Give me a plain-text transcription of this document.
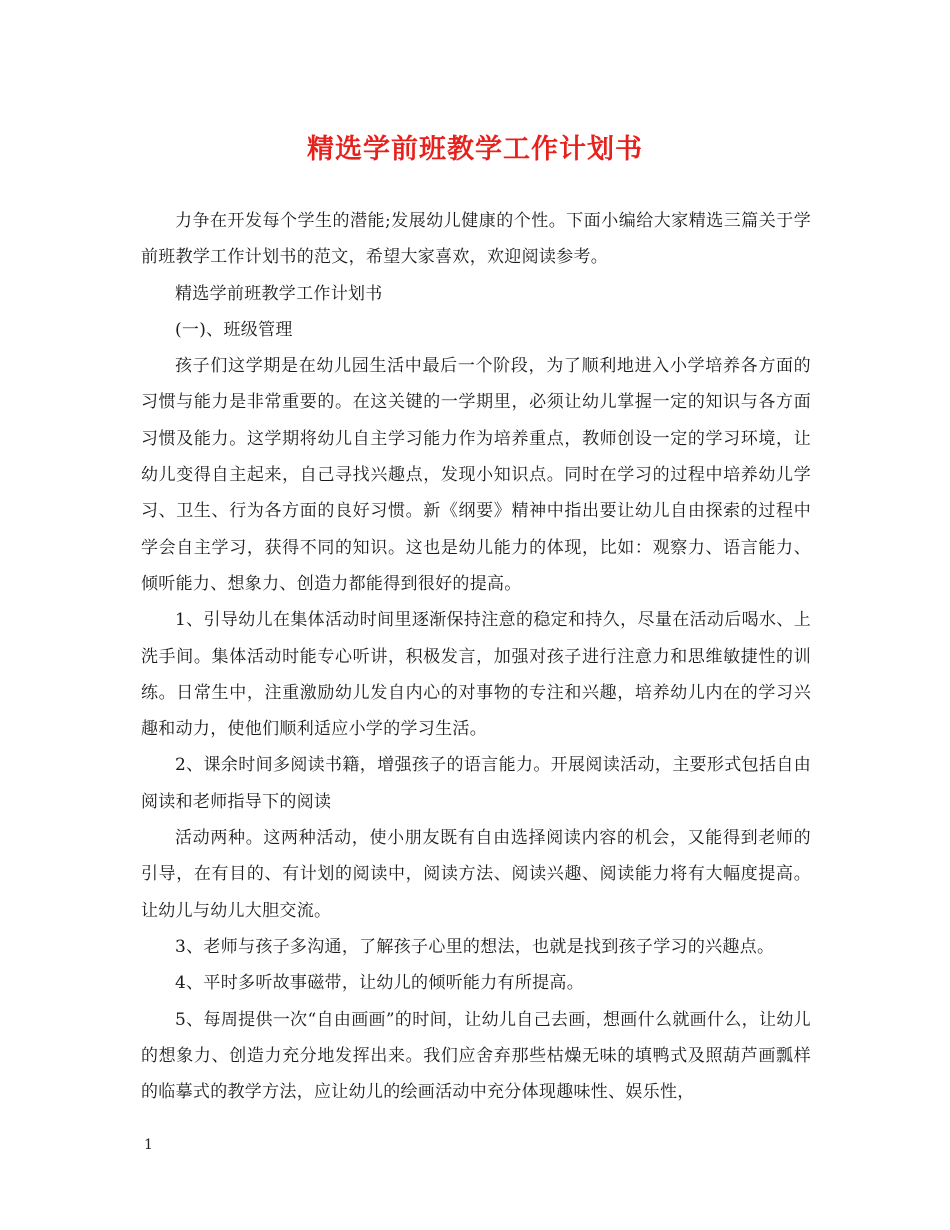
精选学前班教学工作计划书

力争在开发每个学生的潜能;发展幼儿健康的个性。下面小编给大家精选三篇关于学前班教学工作计划书的范文，希望大家喜欢，欢迎阅读参考。

精选学前班教学工作计划书

(一)、班级管理

孩子们这学期是在幼儿园生活中最后一个阶段，为了顺利地进入小学培养各方面的习惯与能力是非常重要的。在这关键的一学期里，必须让幼儿掌握一定的知识与各方面习惯及能力。这学期将幼儿自主学习能力作为培养重点，教师创设一定的学习环境，让幼儿变得自主起来，自己寻找兴趣点，发现小知识点。同时在学习的过程中培养幼儿学习、卫生、行为各方面的良好习惯。新《纲要》精神中指出要让幼儿自由探索的过程中学会自主学习，获得不同的知识。这也是幼儿能力的体现，比如：观察力、语言能力、倾听能力、想象力、创造力都能得到很好的提高。

1、引导幼儿在集体活动时间里逐渐保持注意的稳定和持久，尽量在活动后喝水、上洗手间。集体活动时能专心听讲，积极发言，加强对孩子进行注意力和思维敏捷性的训练。日常生中，注重激励幼儿发自内心的对事物的专注和兴趣，培养幼儿内在的学习兴趣和动力，使他们顺利适应小学的学习生活。

2、课余时间多阅读书籍，增强孩子的语言能力。开展阅读活动，主要形式包括自由阅读和老师指导下的阅读

活动两种。这两种活动，使小朋友既有自由选择阅读内容的机会，又能得到老师的引导，在有目的、有计划的阅读中，阅读方法、阅读兴趣、阅读能力将有大幅度提高。让幼儿与幼儿大胆交流。

3、老师与孩子多沟通，了解孩子心里的想法，也就是找到孩子学习的兴趣点。

4、平时多听故事磁带，让幼儿的倾听能力有所提高。

5、每周提供一次“自由画画”的时间，让幼儿自己去画，想画什么就画什么，让幼儿的想象力、创造力充分地发挥出来。我们应舍弃那些枯燥无味的填鸭式及照葫芦画瓢样的临摹式的教学方法，应让幼儿的绘画活动中充分体现趣味性、娱乐性，

1
